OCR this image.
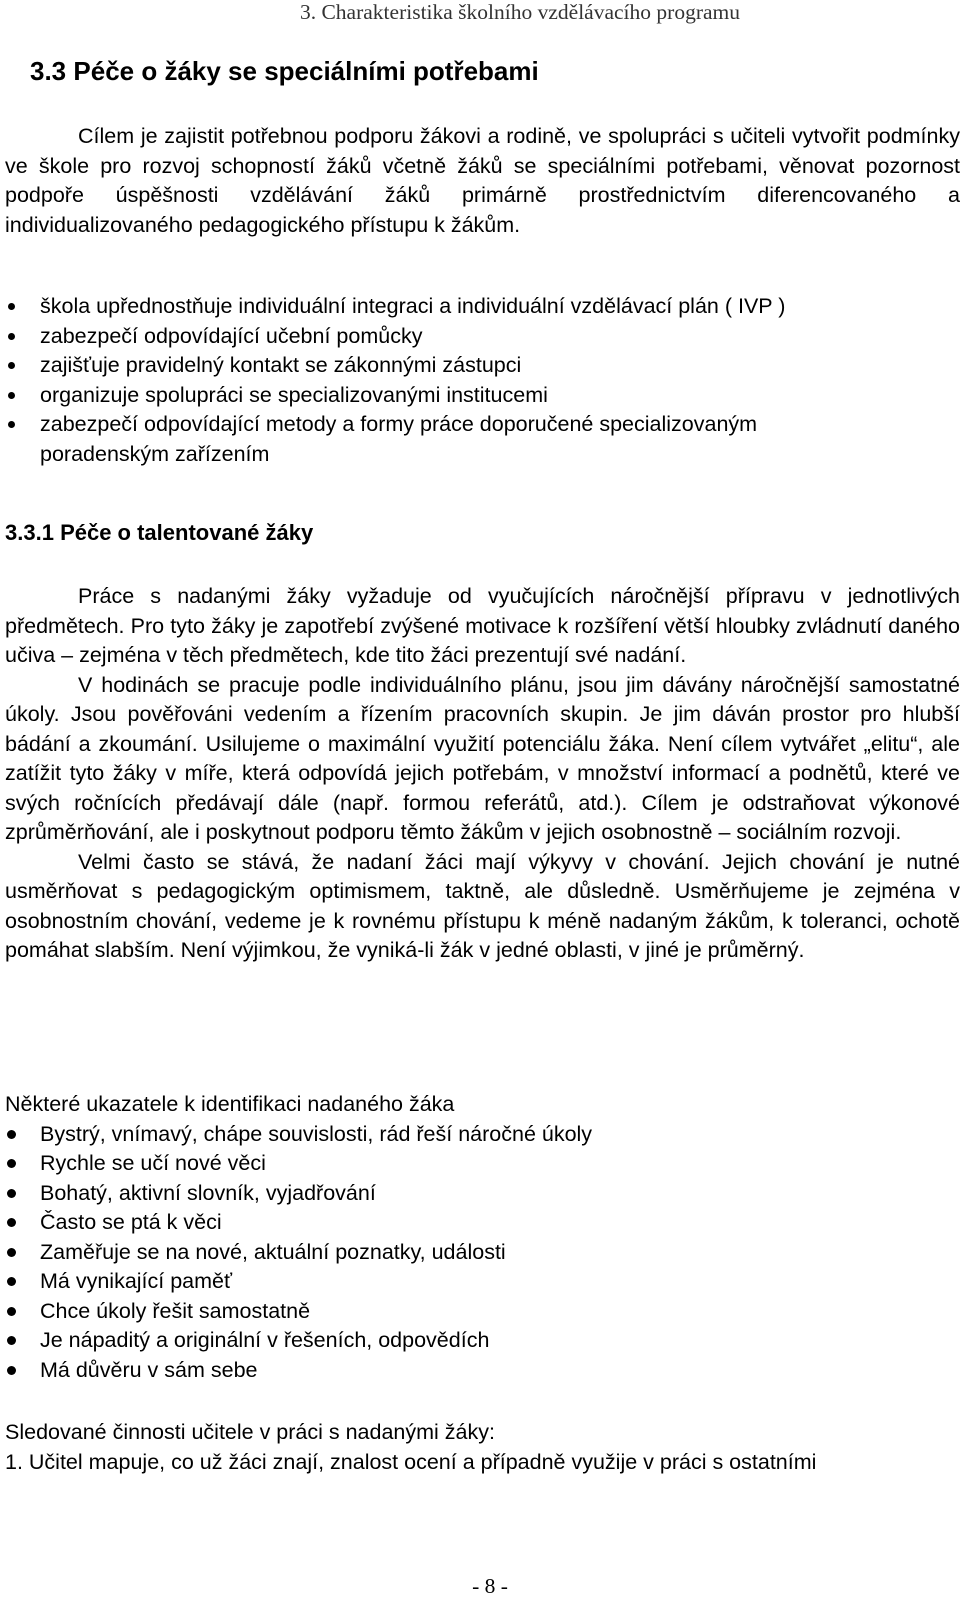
3. Charakteristika školního vzdělávacího programu
3.3 Péče o žáky se speciálními potřebami

Cílem je zajistit potřebnou podporu žákovi a rodině, ve spolupráci s učiteli vytvořit podmínky ve škole pro rozvoj schopností žáků včetně žáků se speciálními potřebami, věnovat pozornost podpoře úspěšnosti vzdělávání žáků primárně prostřednictvím diferencovaného a individualizovaného pedagogického přístupu k žákům.

škola upřednostňuje individuální integraci a individuální vzdělávací plán ( IVP )
zabezpečí odpovídající učební pomůcky
zajišťuje pravidelný kontakt se zákonnými zástupci
organizuje spolupráci se specializovanými institucemi
zabezpečí odpovídající metody a formy práce doporučené specializovaným poradenským zařízením
3.3.1 Péče o talentované žáky

Práce s nadanými žáky vyžaduje od vyučujících náročnější přípravu v jednotlivých předmětech. Pro tyto žáky je zapotřebí zvýšené motivace k rozšíření větší hloubky zvládnutí daného učiva – zejména v těch předmětech, kde tito žáci prezentují své nadání.

V hodinách se pracuje podle individuálního plánu, jsou jim dávány náročnější samostatné úkoly. Jsou pověřováni vedením a řízením pracovních skupin. Je jim dáván prostor pro hlubší bádání a zkoumání. Usilujeme o maximální využití potenciálu žáka. Není cílem vytvářet „elitu“, ale zatížit tyto žáky v míře, která odpovídá jejich potřebám, v množství informací a podnětů, které ve svých ročnících předávají dále (např. formou referátů, atd.). Cílem je odstraňovat výkonové zprůměrňování, ale i poskytnout podporu těmto žákům v jejich osobnostně – sociálním rozvoji.

Velmi často se stává, že nadaní žáci mají výkyvy v chování. Jejich chování je nutné usměrňovat s pedagogickým optimismem, taktně, ale důsledně. Usměrňujeme je zejména v osobnostním chování, vedeme je k rovnému přístupu k méně nadaným žákům, k toleranci, ochotě pomáhat slabším. Není výjimkou, že vyniká-li žák v jedné oblasti, v jiné je průměrný.

Některé ukazatele k identifikaci nadaného žáka
Bystrý, vnímavý, chápe souvislosti, rád řeší náročné úkoly
Rychle se učí nové věci
Bohatý, aktivní slovník, vyjadřování
Často se ptá k věci
Zaměřuje se na nové, aktuální poznatky, události
Má vynikající paměť
Chce úkoly řešit samostatně
Je nápaditý a originální v řešeních, odpovědích
Má důvěru v sám sebe
Sledované činnosti učitele v práci s nadanými žáky:
1. Učitel mapuje, co už žáci znají, znalost ocení a případně využije v práci s ostatními
- 8 -
